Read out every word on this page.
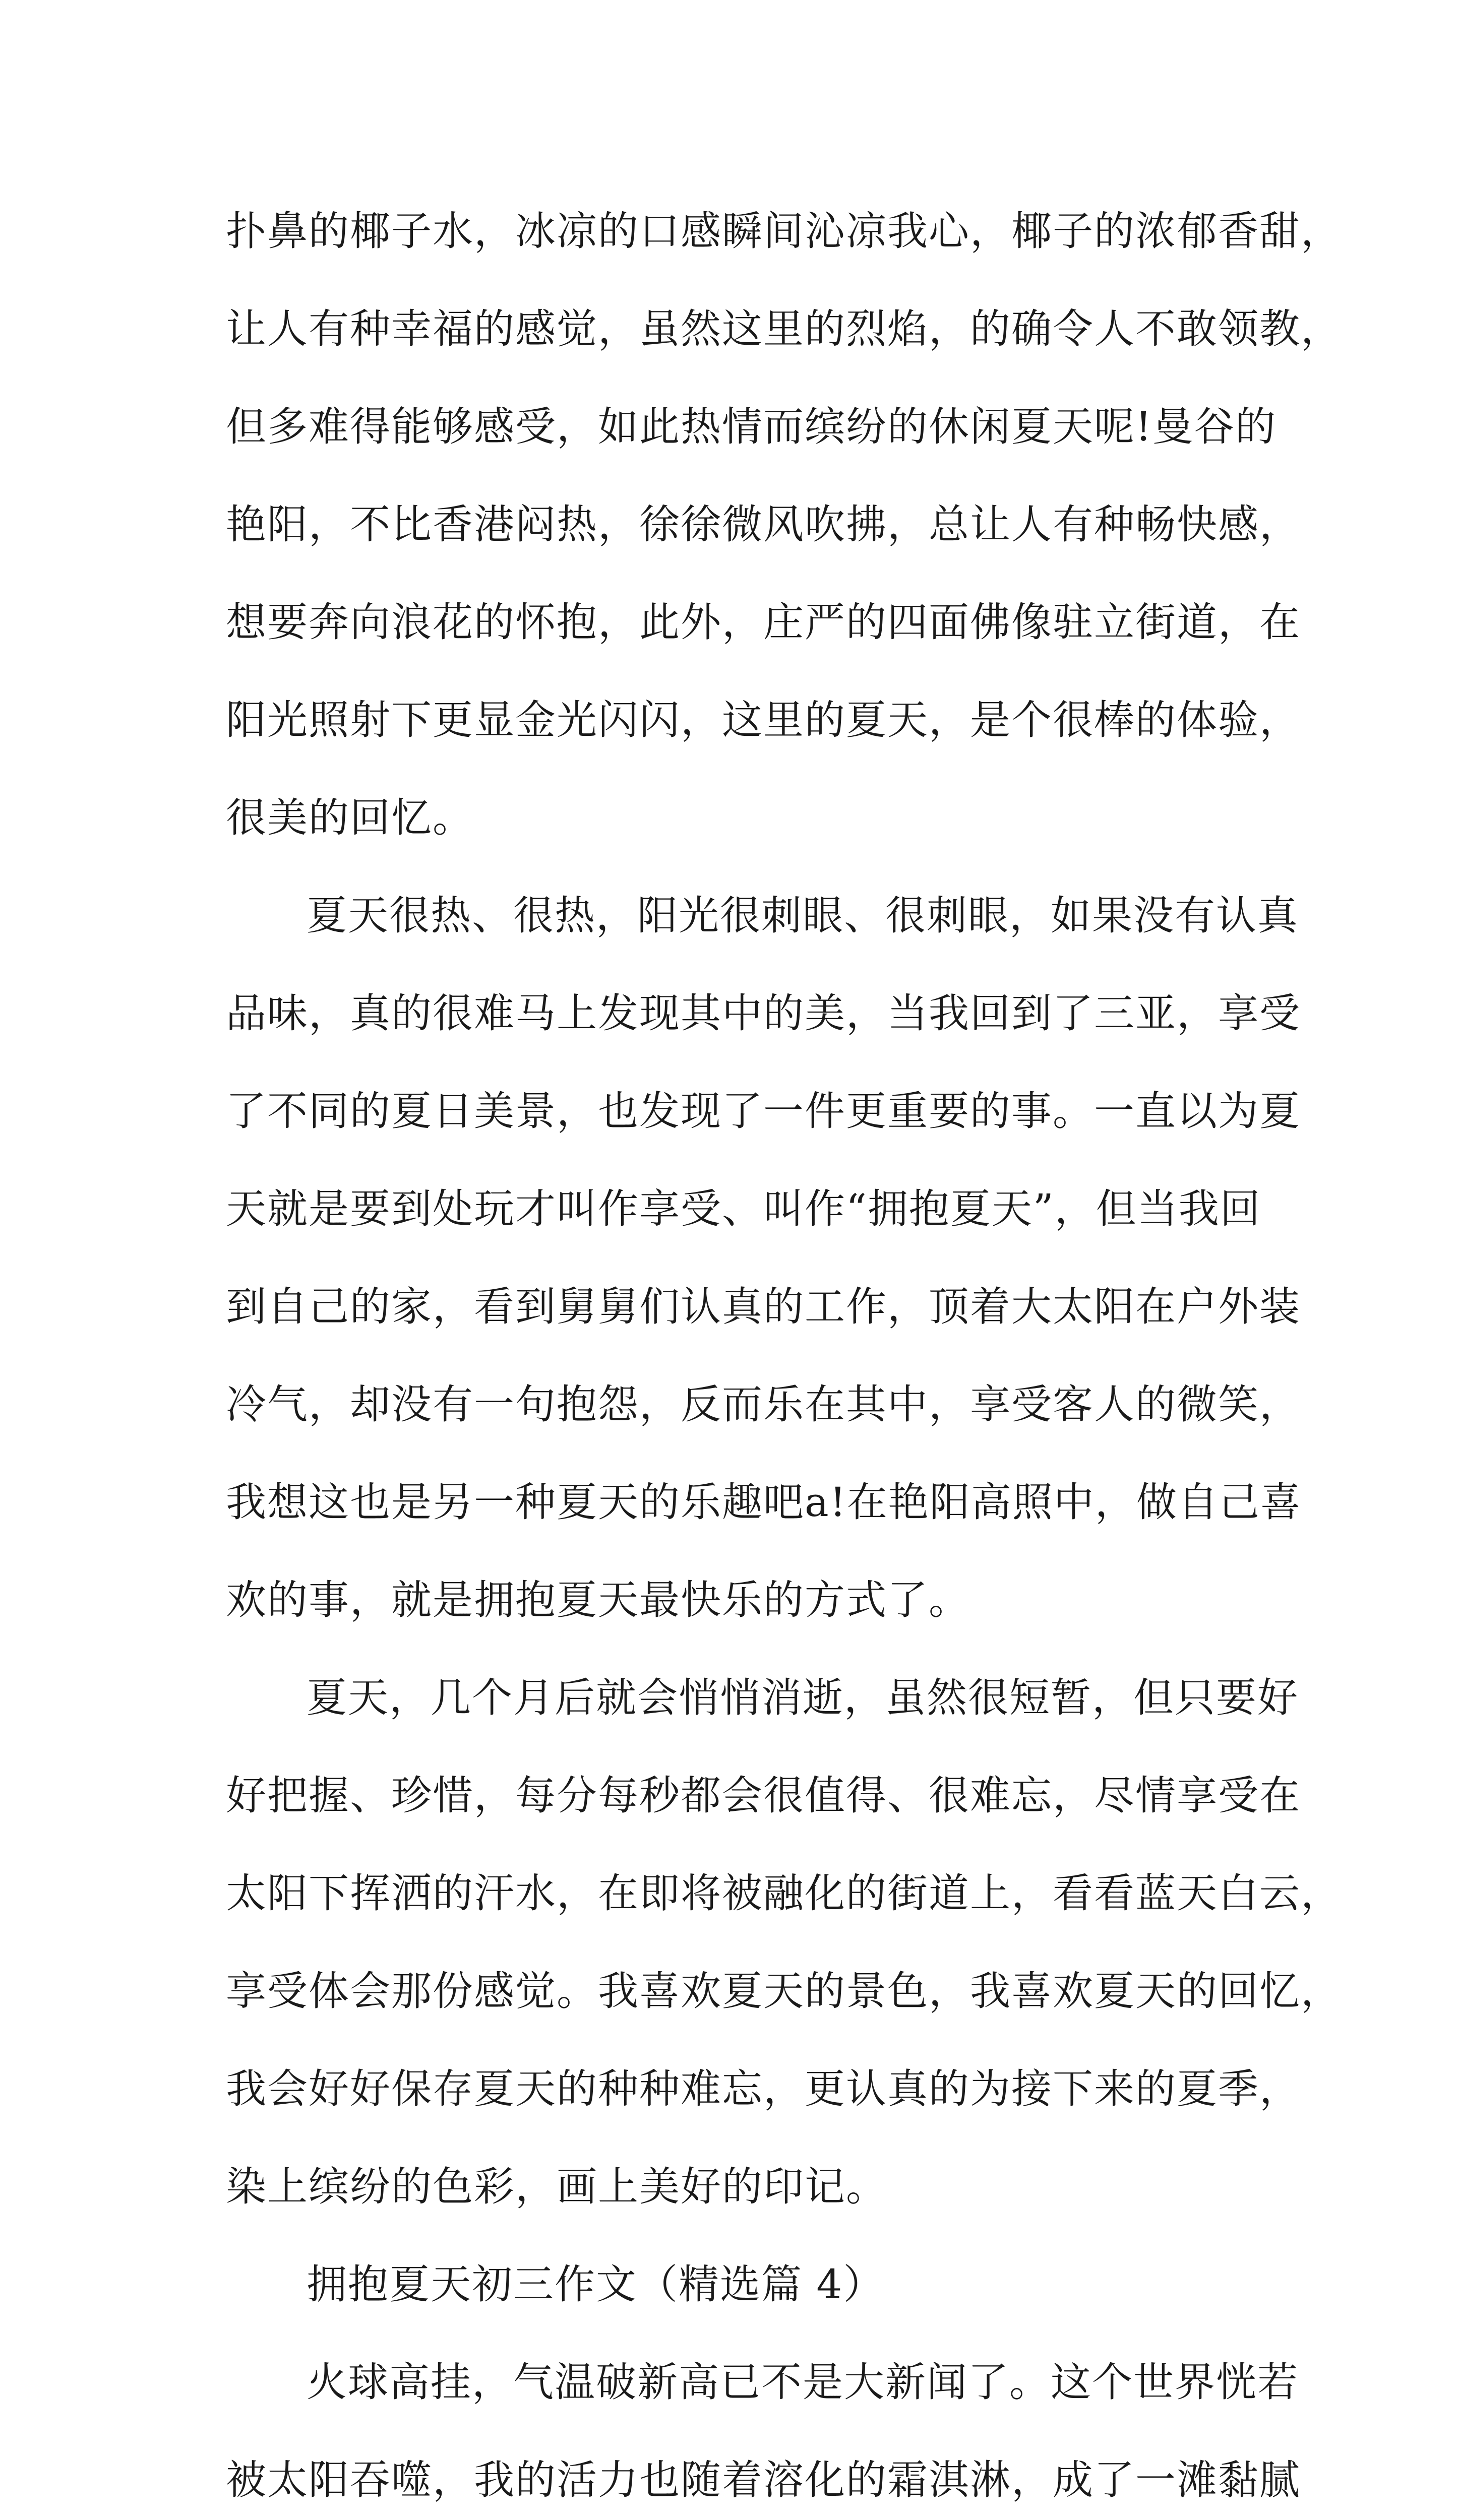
扑鼻的椰子水，冰凉的口感瞬间沁凉我心，椰子的浓郁香甜，
让人有种幸福的感觉，虽然这里的烈焰，的确令人不敢领教，
但多难得能够感受，如此热情而缤纷的休闲夏天呢!曼谷的
艳阳，不比香港闷热，徐徐微风吹拂，总让人有种畅快感，
想要奔向浪花的怀抱，此外，庄严的四面佛像驻立街道，在
阳光照射下更显金光闪闪，这里的夏天，是个很棒的体验，
很美的回忆。
夏天很热、很热，阳光很刺眼、很刺眼，如果没有认真
品味，真的很难马上发现其中的美，当我回到了三亚，享受
了不同的夏日美景，也发现了一件更重要的事。一直以为夏
天就是要到处玩才叫作享受、叫作“拥抱夏天”，但当我回
到自己的家，看到舅舅们认真的工作，顶着大太阳在户外装
冷气，却没有一句抱怨，反而乐在其中，享受客人的微笑，
我想这也是另一种夏天的乐趣吧a!在艳阳高照中，做自己喜
欢的事，就是拥抱夏天最快乐的方式了。
夏天，几个月后就会悄悄消逝，虽然很短暂，但只要好
好把握、珍惜，每分每秒都会很值得、很难忘，尽情享受在
太阳下挥洒的汗水，在即将被融化的街道上，看看蓝天白云，
享受体会那份感觉。我喜欢夏天的景色，我喜欢夏天的回忆，
我会好好保存夏天的种种难忘，更认真的为接下来的夏季，
染上缤纷的色彩，画上美好的印记。
拥抱夏天初三作文（精选篇 4）
火球高挂，气温破新高已不是大新闻了。这个世界恍若
被太阳吞噬，我的活力也随着溶化的霜淇淋，成了一滩黏腻
